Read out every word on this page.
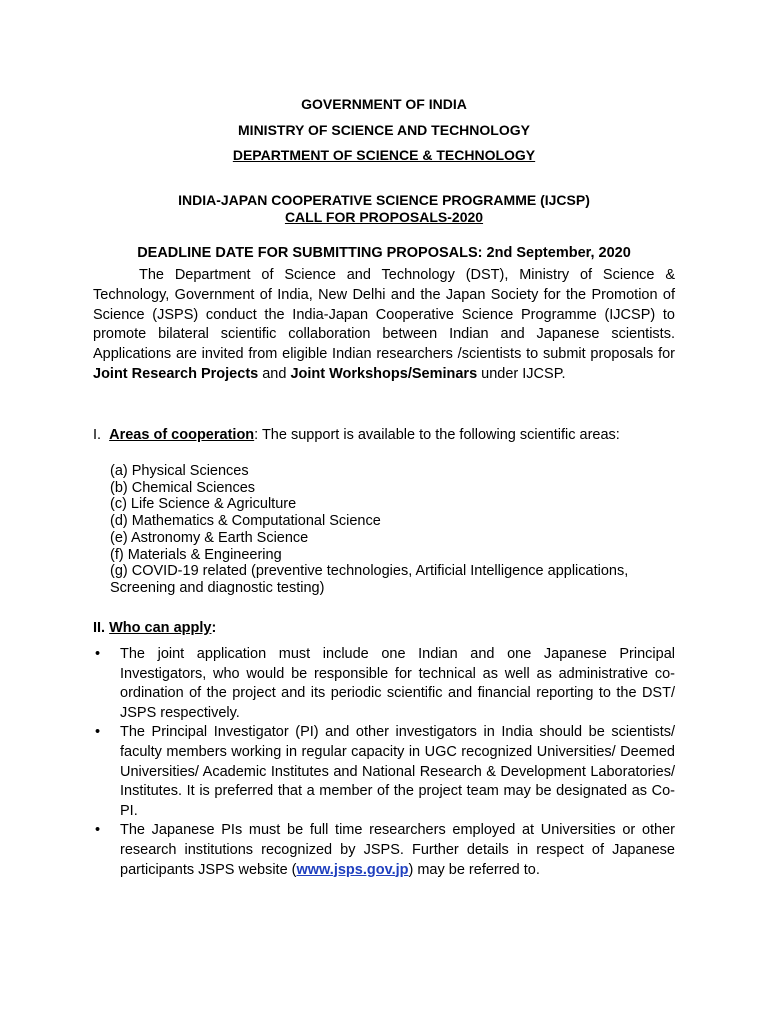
GOVERNMENT OF INDIA

MINISTRY OF SCIENCE AND TECHNOLOGY

DEPARTMENT OF SCIENCE & TECHNOLOGY

INDIA-JAPAN COOPERATIVE SCIENCE PROGRAMME (IJCSP)

CALL FOR PROPOSALS-2020

DEADLINE DATE FOR SUBMITTING PROPOSALS: 2nd September, 2020

The Department of Science and Technology (DST), Ministry of Science & Technology, Government of India, New Delhi and the Japan Society for the Promotion of Science (JSPS) conduct the India-Japan Cooperative Science Programme (IJCSP) to promote bilateral scientific collaboration between Indian and Japanese scientists. Applications are invited from eligible Indian researchers /scientists to submit proposals for Joint Research Projects and Joint Workshops/Seminars under IJCSP.

I. Areas of cooperation: The support is available to the following scientific areas:

(a) Physical Sciences
(b) Chemical Sciences
(c) Life Science & Agriculture
(d) Mathematics & Computational Science
(e) Astronomy & Earth Science
(f) Materials & Engineering
(g) COVID-19 related (preventive technologies, Artificial Intelligence applications,
Screening and diagnostic testing)

II. Who can apply:

• The joint application must include one Indian and one Japanese Principal Investigators, who would be responsible for technical as well as administrative co-ordination of the project and its periodic scientific and financial reporting to the DST/ JSPS respectively.
• The Principal Investigator (PI) and other investigators in India should be scientists/ faculty members working in regular capacity in UGC recognized Universities/ Deemed Universities/ Academic Institutes and National Research & Development Laboratories/ Institutes. It is preferred that a member of the project team may be designated as Co-PI.
• The Japanese PIs must be full time researchers employed at Universities or other research institutions recognized by JSPS. Further details in respect of Japanese participants JSPS website (www.jsps.gov.jp) may be referred to.
